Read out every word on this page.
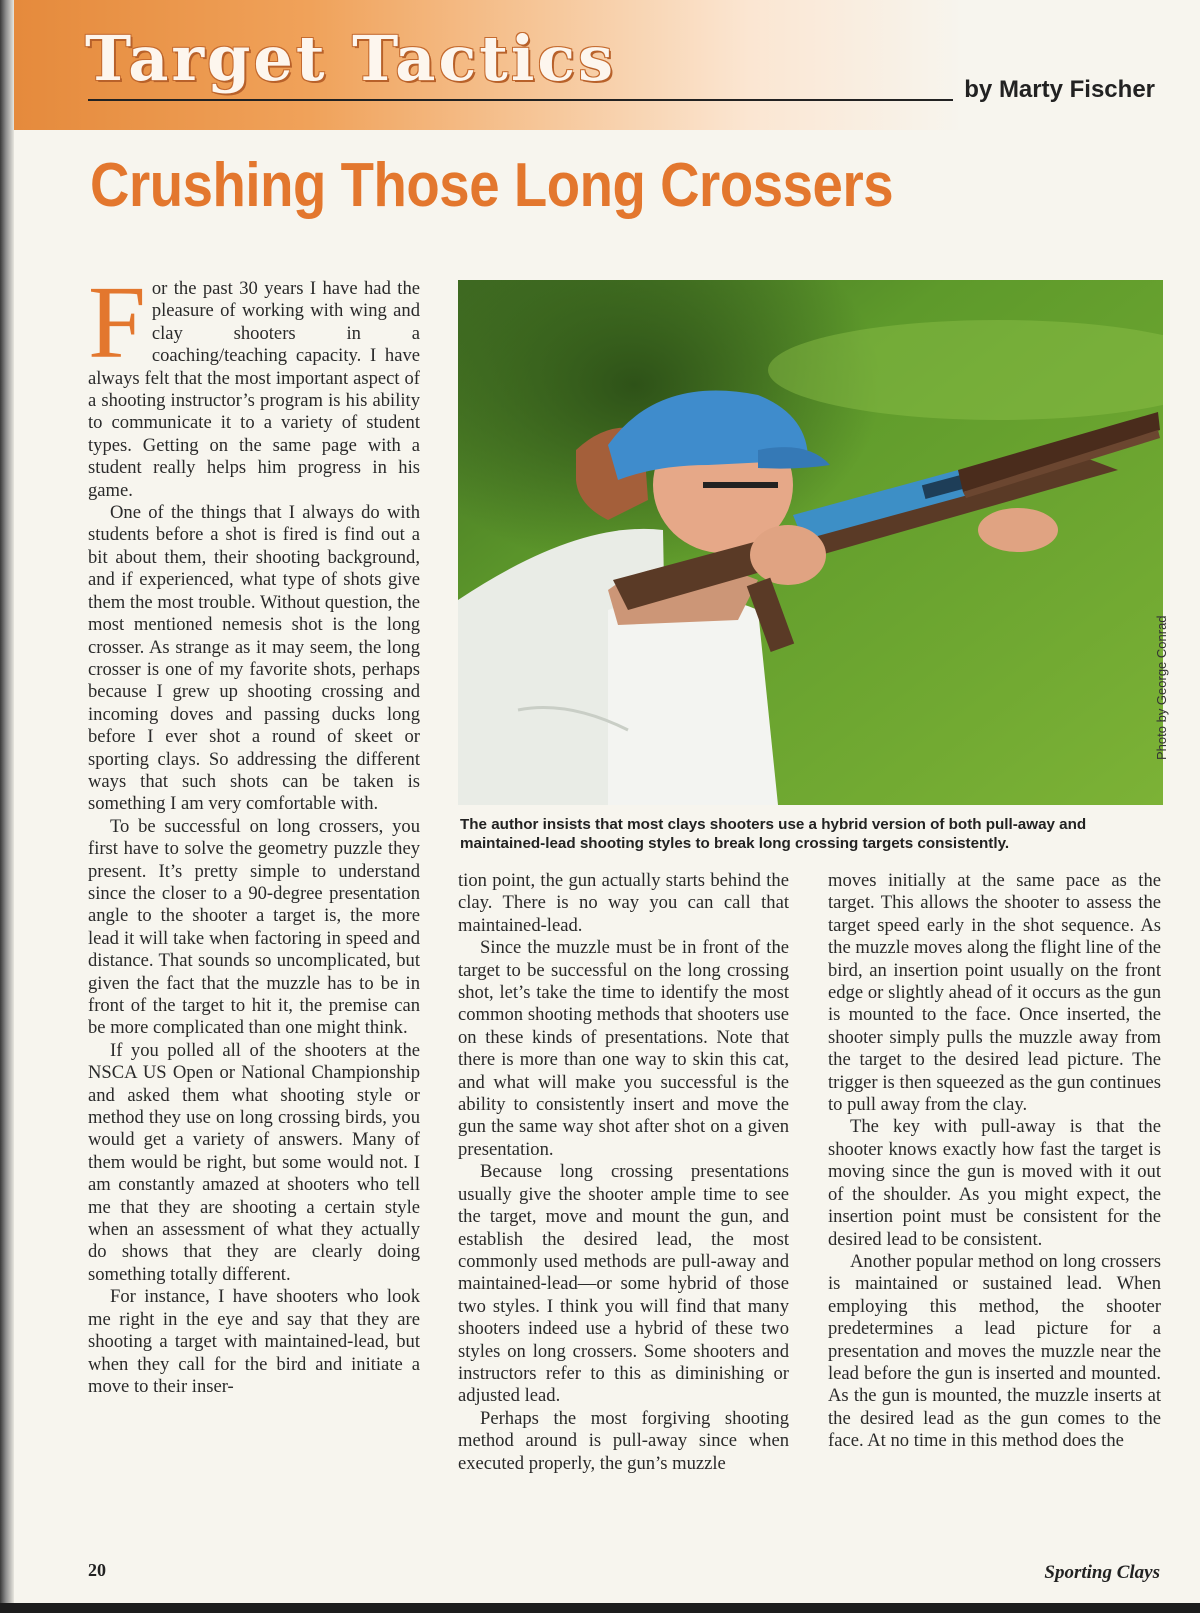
Target Tactics	by Marty Fischer
Crushing Those Long Crossers

For the past 30 years I have had the pleasure of working with wing and clay shooters in a coaching/teaching capacity. I have always felt that the most important aspect of a shooting instructor’s program is his ability to communicate it to a variety of student types. Getting on the same page with a student really helps him progress in his game.

One of the things that I always do with students before a shot is fired is find out a bit about them, their shooting background, and if experienced, what type of shots give them the most trouble. Without question, the most mentioned nemesis shot is the long crosser. As strange as it may seem, the long crosser is one of my favorite shots, perhaps because I grew up shooting crossing and incoming doves and passing ducks long before I ever shot a round of skeet or sporting clays. So addressing the different ways that such shots can be taken is something I am very comfortable with.

To be successful on long crossers, you first have to solve the geometry puzzle they present. It’s pretty simple to understand since the closer to a 90-degree presentation angle to the shooter a target is, the more lead it will take when factoring in speed and distance. That sounds so uncomplicated, but given the fact that the muzzle has to be in front of the target to hit it, the premise can be more complicated than one might think.

If you polled all of the shooters at the NSCA US Open or National Championship and asked them what shooting style or method they use on long crossing birds, you would get a variety of answers. Many of them would be right, but some would not. I am constantly amazed at shooters who tell me that they are shooting a certain style when an assessment of what they actually do shows that they are clearly doing something totally different.

For instance, I have shooters who look me right in the eye and say that they are shooting a target with maintained-lead, but when they call for the bird and initiate a move to their inser-

Photo by George Conrad
The author insists that most clays shooters use a hybrid version of both pull-away and maintained-lead shooting styles to break long crossing targets consistently.

tion point, the gun actually starts behind the clay. There is no way you can call that maintained-lead.

Since the muzzle must be in front of the target to be successful on the long crossing shot, let’s take the time to identify the most common shooting methods that shooters use on these kinds of presentations. Note that there is more than one way to skin this cat, and what will make you successful is the ability to consistently insert and move the gun the same way shot after shot on a given presentation.

Because long crossing presentations usually give the shooter ample time to see the target, move and mount the gun, and establish the desired lead, the most commonly used methods are pull-away and maintained-lead—or some hybrid of those two styles. I think you will find that many shooters indeed use a hybrid of these two styles on long crossers. Some shooters and instructors refer to this as diminishing or adjusted lead.

Perhaps the most forgiving shooting method around is pull-away since when executed properly, the gun’s muzzle

moves initially at the same pace as the target. This allows the shooter to assess the target speed early in the shot sequence. As the muzzle moves along the flight line of the bird, an insertion point usually on the front edge or slightly ahead of it occurs as the gun is mounted to the face. Once inserted, the shooter simply pulls the muzzle away from the target to the desired lead picture. The trigger is then squeezed as the gun continues to pull away from the clay.

The key with pull-away is that the shooter knows exactly how fast the target is moving since the gun is moved with it out of the shoulder. As you might expect, the insertion point must be consistent for the desired lead to be consistent.

Another popular method on long crossers is maintained or sustained lead. When employing this method, the shooter predetermines a lead picture for a presentation and moves the muzzle near the lead before the gun is inserted and mounted. As the gun is mounted, the muzzle inserts at the desired lead as the gun comes to the face. At no time in this method does the

20	Sporting Clays
